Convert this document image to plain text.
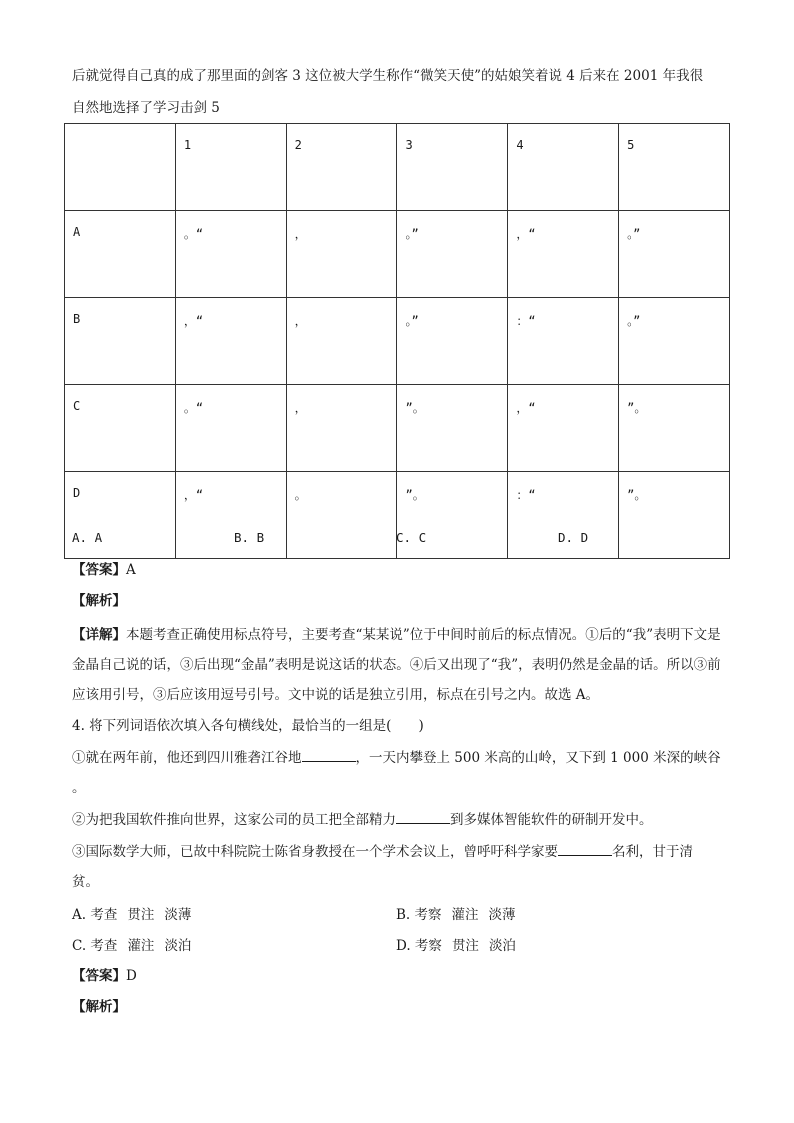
后就觉得自己真的成了那里面的剑客 3 这位被大学生称作“微笑天使”的姑娘笑着说 4 后来在 2001 年我很
自然地选择了学习击剑 5
	1	2	3	4	5
A	。“	，	。”	，“	。”
B	，“	，	。”	：“	。”
C	。“	，	”。	，“	”。
D	，“	。	”。	：“	”。
A. A	B. B	C. C	D. D
【答案】A
【解析】
【详解】本题考查正确使用标点符号，主要考查“某某说”位于中间时前后的标点情况。①后的“我”表明下文是金晶自己说的话，③后出现“金晶”表明是说这话的状态。④后又出现了“我”，表明仍然是金晶的话。所以③前应该用引号，③后应该用逗号引号。文中说的话是独立引用，标点在引号之内。故选 A。
4. 将下列词语依次填入各句横线处，最恰当的一组是(　　)
①就在两年前，他还到四川雅砻江谷地	，一天内攀登上 500 米高的山岭，又下到 1 000 米深的峡谷
。
②为把我国软件推向世界，这家公司的员工把全部精力	到多媒体智能软件的研制开发中。
③国际数学大师，已故中科院院士陈省身教授在一个学术会议上，曾呼吁科学家要	名利，甘于清
贫。
A. 考查 贯注 淡薄	B. 考察 灌注 淡薄
C. 考查 灌注 淡泊	D. 考察 贯注 淡泊
【答案】D
【解析】
